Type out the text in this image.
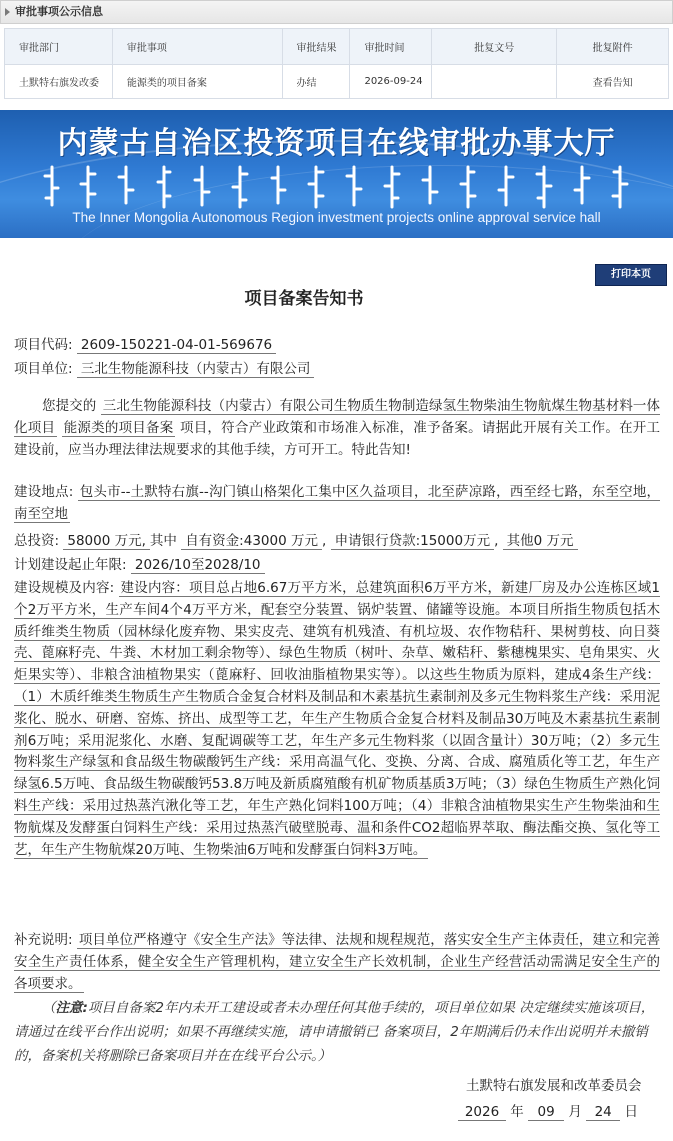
审批事项公示信息
审批部门	审批事项	审批结果	审批时间	批复文号	批复附件
土默特右旗发改委	能源类的项目备案	办结	2026-09-24		查看告知
内蒙古自治区投资项目在线审批办事大厅
The Inner Mongolia Autonomous Region investment projects online approval service hall
打印本页
项目备案告知书
项目代码: 2609-150221-04-01-569676
项目单位: 三北生物能源科技（内蒙古）有限公司
您提交的 三北生物能源科技（内蒙古）有限公司生物质生物制造绿氢生物柴油生物航煤生物基材料一体化项目 能源类的项目备案 项目，符合产业政策和市场准入标准，准予备案。请据此开展有关工作。在开工建设前，应当办理法律法规要求的其他手续，方可开工。特此告知!
建设地点: 包头市--土默特右旗--沟门镇山格架化工集中区久益项目，北至萨凉路，西至经七路，东至空地，南至空地
总投资: 58000 万元, 其中 自有资金:43000 万元 , 申请银行贷款:15000万元 , 其他0 万元
计划建设起止年限: 2026/10至2028/10
建设规模及内容: 建设内容：项目总占地6.67万平方米，总建筑面积6万平方米，新建厂房及办公连栋区域1个2万平方米，生产车间4个4万平方米，配套空分装置、锅炉装置、储罐等设施。本项目所指生物质包括木质纤维类生物质（园林绿化废弃物、果实皮壳、建筑有机残渣、有机垃圾、农作物秸秆、果树剪枝、向日葵壳、蓖麻籽壳、牛粪、木材加工剩余物等）、绿色生物质（树叶、杂草、嫩秸秆、紫穗槐果实、皂角果实、火炬果实等）、非粮含油植物果实（蓖麻籽、回收油脂植物果实等）。以这些生物质为原料，建成4条生产线：（1）木质纤维类生物质生产生物质合金复合材料及制品和木素基抗生素制剂及多元生物料浆生产线：采用泥浆化、脱水、研磨、窑炼、挤出、成型等工艺，年生产生物质合金复合材料及制品30万吨及木素基抗生素制剂6万吨；采用泥浆化、水磨、复配调碳等工艺，年生产多元生物料浆（以固含量计）30万吨；（2）多元生物料浆生产绿氢和食品级生物碳酸钙生产线：采用高温气化、变换、分离、合成、腐殖质化等工艺，年生产绿氢6.5万吨、食品级生物碳酸钙53.8万吨及新质腐殖酸有机矿物质基质3万吨；（3）绿色生物质生产熟化饲料生产线：采用过热蒸汽湫化等工艺，年生产熟化饲料100万吨；（4）非粮含油植物果实生产生物柴油和生物航煤及发酵蛋白饲料生产线：采用过热蒸汽破壁脱毒、温和条件CO2超临界萃取、酶法酯交换、氢化等工艺，年生产生物航煤20万吨、生物柴油6万吨和发酵蛋白饲料3万吨。
补充说明: 项目单位严格遵守《安全生产法》等法律、法规和规程规范，落实安全生产主体责任，建立和完善安全生产责任体系，健全安全生产管理机构，建立安全生产长效机制，企业生产经营活动需满足安全生产的各项要求。
（注意:项目自备案2年内未开工建设或者未办理任何其他手续的，项目单位如果 决定继续实施该项目，请通过在线平台作出说明；如果不再继续实施，请申请撤销已 备案项目，2年期满后仍未作出说明并未撤销的，备案机关将删除已备案项目并在在线平台公示。）
土默特右旗发展和改革委员会
2026 年 09 月 24 日
